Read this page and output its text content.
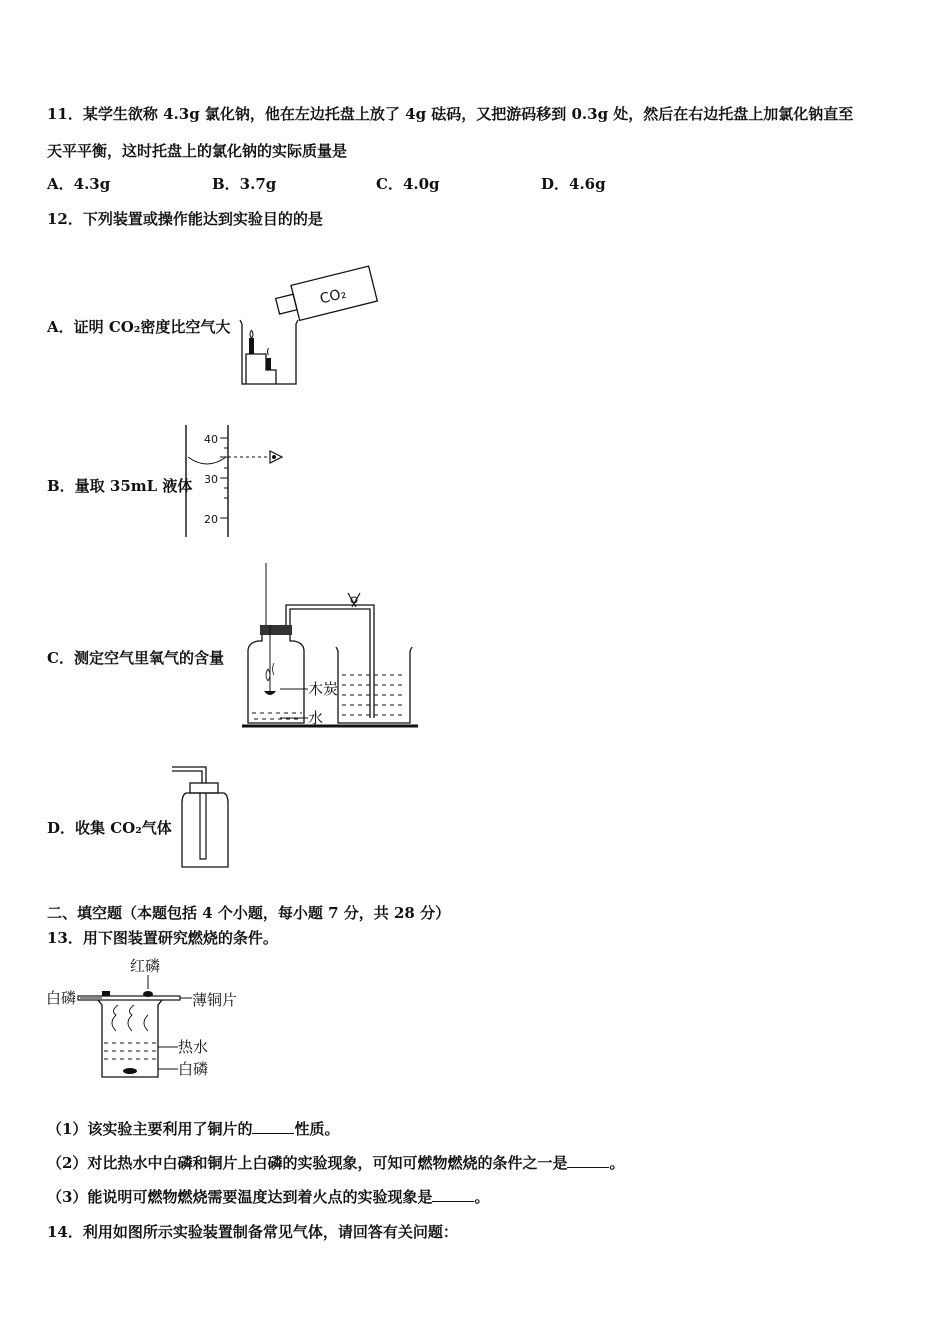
11．某学生欲称 4.3g 氯化钠，他在左边托盘上放了 4g 砝码，又把游码移到 0.3g 处，然后在右边托盘上加氯化钠直至
天平平衡，这时托盘上的氯化钠的实际质量是
A．4.3g	B．3.7g	C．4.0g	D．4.6g
12．下列装置或操作能达到实验目的的是
A．证明 CO₂密度比空气大
CO₂
B．量取 35mL 液体
40
30
20
C．测定空气里氧气的含量
木炭
水
D．收集 CO₂气体
二、填空题（本题包括 4 个小题，每小题 7 分，共 28 分）
13．用下图装置研究燃烧的条件。
红磷
白磷	薄铜片
热水
白磷
（1）该实验主要利用了铜片的	性质。
（2）对比热水中白磷和铜片上白磷的实验现象，可知可燃物燃烧的条件之一是	。
（3）能说明可燃物燃烧需要温度达到着火点的实验现象是	。
14．利用如图所示实验装置制备常见气体，请回答有关问题：
